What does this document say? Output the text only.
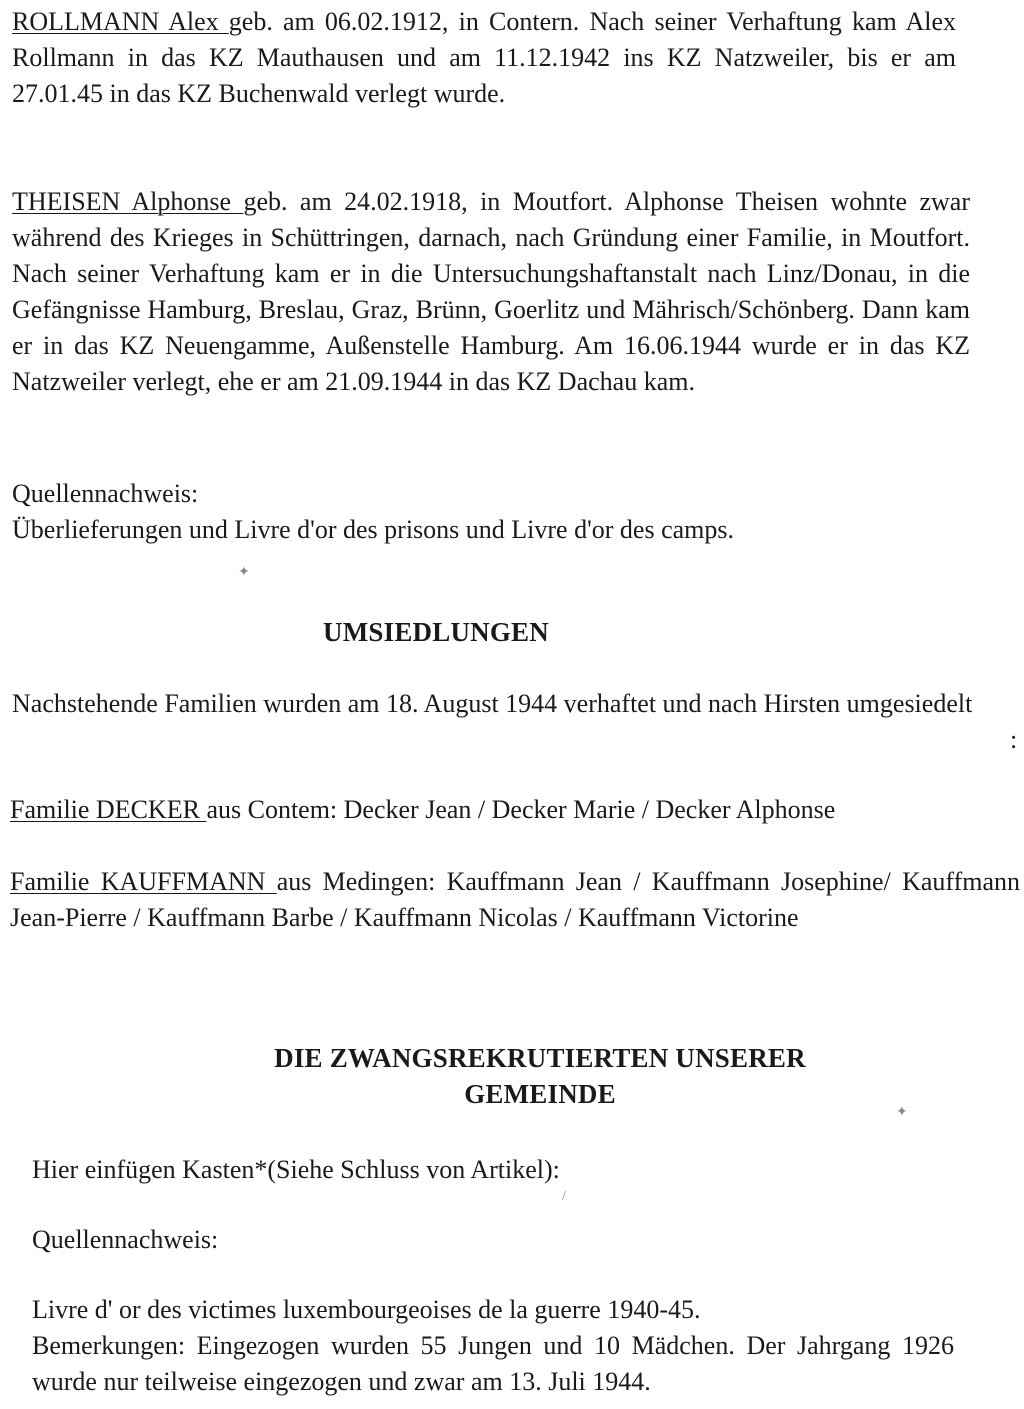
ROLLMANN Alex geb. am 06.02.1912, in Contern. Nach seiner Verhaftung kam Alex Rollmann in das KZ Mauthausen und am 11.12.1942 ins KZ Natzweiler, bis er am 27.01.45 in das KZ Buchenwald verlegt wurde.
THEISEN Alphonse geb. am 24.02.1918, in Moutfort. Alphonse Theisen wohnte zwar während des Krieges in Schüttringen, darnach, nach Gründung einer Familie, in Moutfort. Nach seiner Verhaftung kam er in die Untersuchungshaftanstalt nach Linz/Donau, in die Gefängnisse Hamburg, Breslau, Graz, Brünn, Goerlitz und Mährisch/Schönberg. Dann kam er in das KZ Neuengamme, Außenstelle Hamburg. Am 16.06.1944 wurde er in das KZ Natzweiler verlegt, ehe er am 21.09.1944 in das KZ Dachau kam.
Quellennachweis:
Überlieferungen und Livre d'or des prisons und Livre d'or des camps.
✦
UMSIEDLUNGEN
Nachstehende Familien wurden am 18. August 1944 verhaftet und nach Hirsten umgesiedelt
:
Familie DECKER aus Contem: Decker Jean / Decker Marie / Decker Alphonse
Familie KAUFFMANN aus Medingen: Kauffmann Jean / Kauffmann Josephine/ Kauffmann Jean-Pierre / Kauffmann Barbe / Kauffmann Nicolas / Kauffmann Victorine
DIE ZWANGSREKRUTIERTEN UNSERER
GEMEINDE
✦
Hier einfügen Kasten*(Siehe Schluss von Artikel):
/
Quellennachweis:
Livre d' or des victimes luxembourgeoises de la guerre 1940-45.
Bemerkungen: Eingezogen wurden 55 Jungen und 10 Mädchen. Der Jahrgang 1926 wurde nur teilweise eingezogen und zwar am 13. Juli 1944.
